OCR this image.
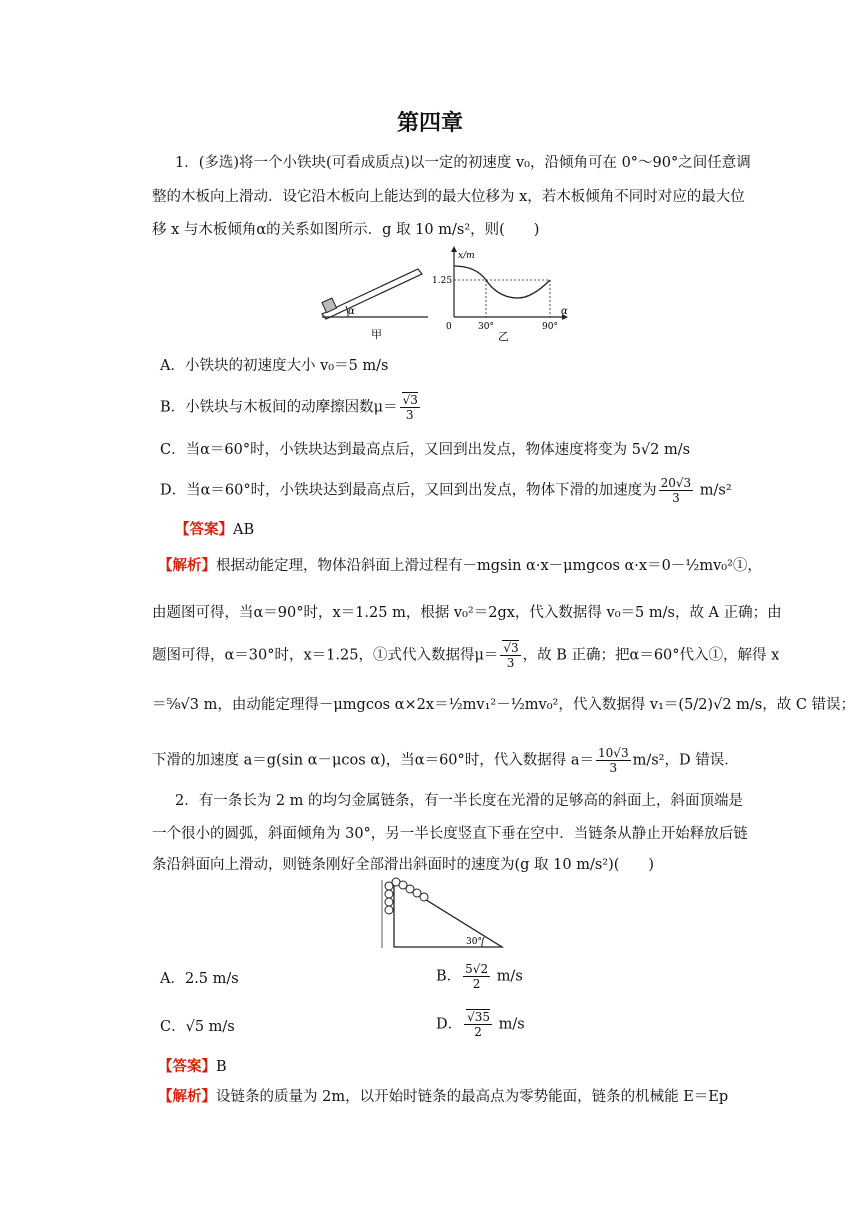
第四章
1．(多选)将一个小铁块(可看成质点)以一定的初速度 v₀，沿倾角可在 0°～90°之间任意调
整的木板向上滑动．设它沿木板向上能达到的最大位移为 x，若木板倾角不同时对应的最大位
移 x 与木板倾角α的关系如图所示．g 取 10 m/s²，则(　　)
α
甲
x/m
1.25
0	30°	90°
α
乙
A．小铁块的初速度大小 v₀＝5 m/s
B．小铁块与木板间的动摩擦因数$\mu= \frac{√3}{3}$
C．当α＝60°时，小铁块达到最高点后，又回到出发点，物体速度将变为 5√2 m/s
D．当α＝60°时，小铁块达到最高点后，又回到出发点，物体下滑的加速度为 $\frac{20√3}{3} m/s^2$
【答案】AB
【解析】根据动能定理，物体沿斜面上滑过程有－mgsin α·x－μmgcos α·x＝0－½mv₀²①，
由题图可得，当α＝90°时，x＝1.25 m，根据 v₀²＝2gx，代入数据得 v₀＝5 m/s，故 A 正确；由
题图可得，α＝30°时，x＝1.25，①式代入数据得$\mu= \frac{√3}{3}$ ，故 B 正确；把α＝60°代入①，解得 x
＝⅝√3 m，由动能定理得－μmgcos α×2x＝½mv₁²－½mv₀²，代入数据得 v₁＝(5/2)√2 m/s，故 C 错误；
下滑的加速度 a＝g(sin α－μcos α)，当α＝60°时，代入数据得 $a= \frac{10√3}{3} m/s^2$，D 错误．
2．有一条长为 2 m 的均匀金属链条，有一半长度在光滑的足够高的斜面上，斜面顶端是
一个很小的圆弧，斜面倾角为 30°，另一半长度竖直下垂在空中．当链条从静止开始释放后链
条沿斜面向上滑动，则链条刚好全部滑出斜面时的速度为(g 取 10 m/s²)(　　)
30°
A．2.5 m/s	B． $\frac{5√2}{2} m/s$
C．√5 m/s	D． $\frac{√35}{2} m/s$
【答案】B
【解析】设链条的质量为 2m，以开始时链条的最高点为零势能面，链条的机械能 E＝Ep
